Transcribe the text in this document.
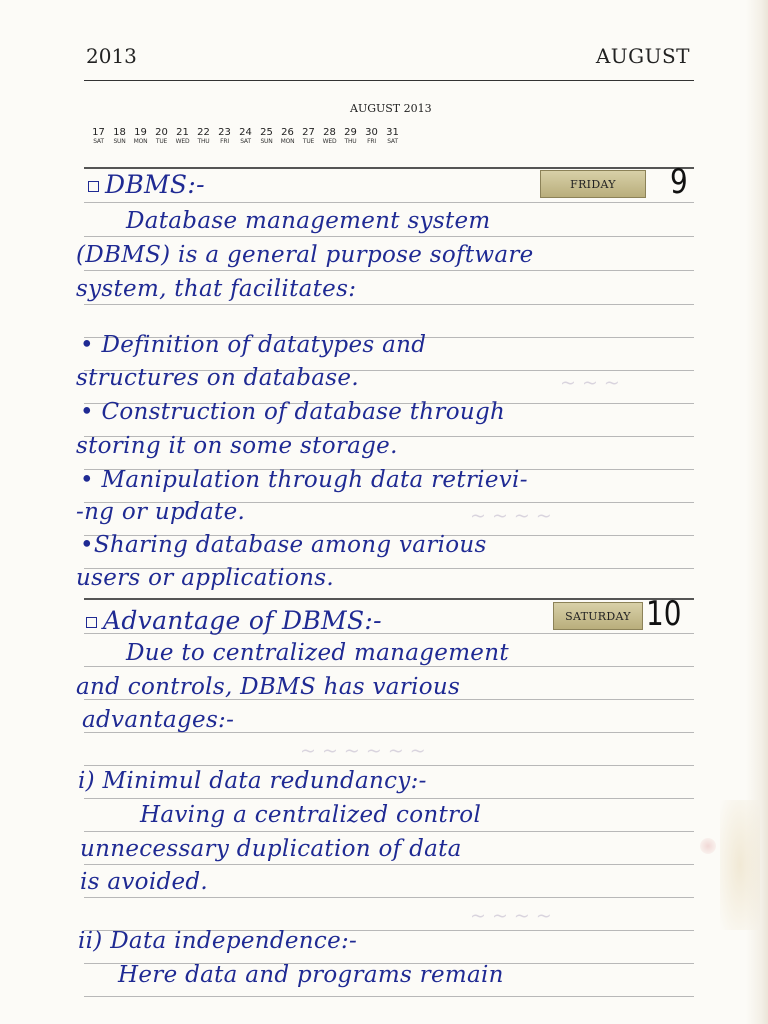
2013	AUGUST
AUGUST 2013
17
SAT
18
SUN
19
MON
20
TUE
21
WED
22
THU
23
FRI
24
SAT
25
SUN
26
MON
27
TUE
28
WED
29
THU
30
FRI
31
SAT
~ ~ ~
~ ~ ~ ~
~ ~ ~ ~ ~ ~
~ ~ ~ ~
FRIDAY	9
DBMS:-
Database management system
(DBMS) is a general purpose software
system, that facilitates:
• Definition of datatypes and
structures on database.
• Construction of database through
storing it on some storage.
• Manipulation through data retrievi-
-ng or update.
•Sharing database among various
users or applications.
SATURDAY 10
Advantage of DBMS:-
Due to centralized management
and controls, DBMS has various
advantages:-
i) Minimul data redundancy:-
Having a centralized control
unnecessary duplication of data
is avoided.
ii) Data independence:-
Here data and programs remain
